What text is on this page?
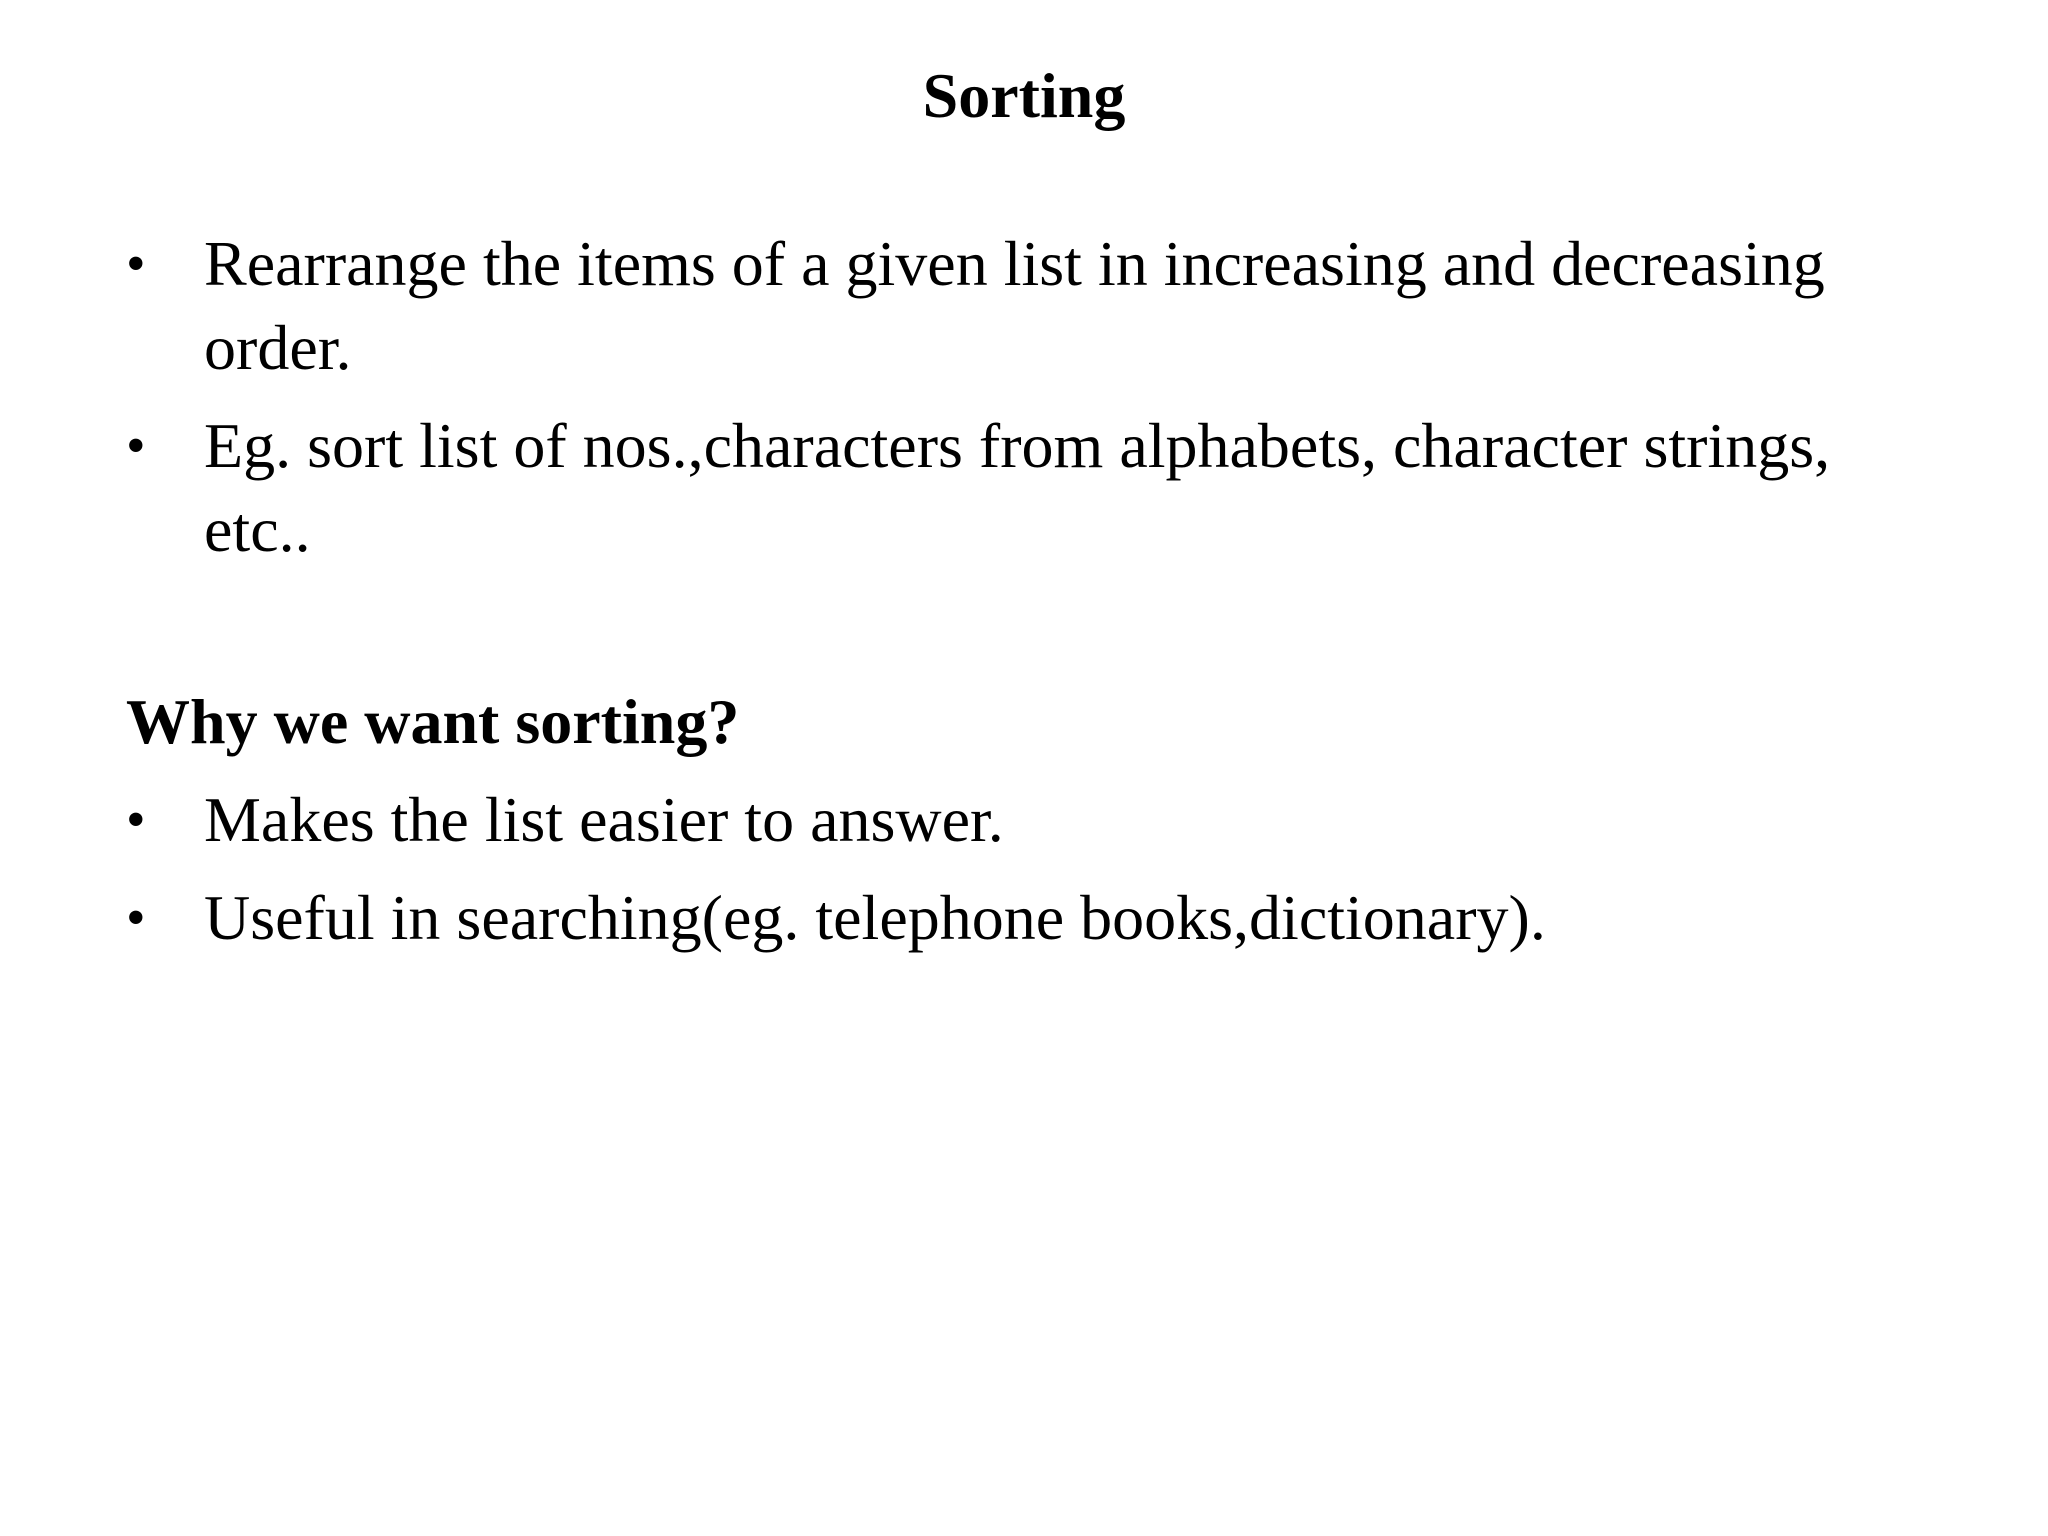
Sorting
• Rearrange the items of a given list in increasing and decreasing order.
• Eg. sort list of nos.,characters from alphabets, character strings, etc..
Why we want sorting?
• Makes the list easier to answer.
• Useful in searching(eg. telephone books,dictionary).
